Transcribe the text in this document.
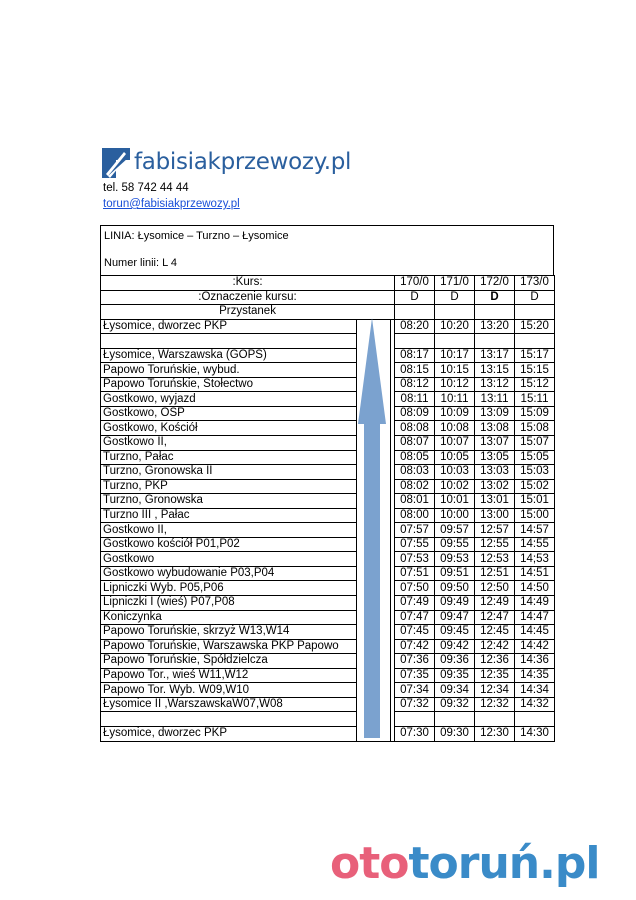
fabisiakprzewozy.pl
tel. 58 742 44 44
torun@fabisiakprzewozy.pl
LINIA: Łysomice – Turzno – Łysomice
Numer linii: L 4
:Kurs:			170/0	171/0	172/0	173/0
:Oznaczenie kursu:			D	D	D	D
Przystanek						
Łysomice, dworzec PKP			08:20	10:20	13:20	15:20

Łysomice, Warszawska (GOPS)			08:17	10:17	13:17	15:17
Papowo Toruńskie, wybud.			08:15	10:15	13:15	15:15
Papowo Toruńskie, Stołectwo			08:12	10:12	13:12	15:12
Gostkowo, wyjazd			08:11	10:11	13:11	15:11
Gostkowo, OSP			08:09	10:09	13:09	15:09
Gostkowo, Kościół			08:08	10:08	13:08	15:08
Gostkowo II,			08:07	10:07	13:07	15:07
Turzno, Pałac			08:05	10:05	13:05	15:05
Turzno, Gronowska II			08:03	10:03	13:03	15:03
Turzno, PKP			08:02	10:02	13:02	15:02
Turzno, Gronowska			08:01	10:01	13:01	15:01
Turzno III , Pałac			08:00	10:00	13:00	15:00
Gostkowo II,			07:57	09:57	12:57	14:57
Gostkowo kościół P01,P02			07:55	09:55	12:55	14:55
Gostkowo			07:53	09:53	12:53	14;53
Gostkowo wybudowanie P03,P04			07:51	09:51	12:51	14:51
Lipniczki Wyb. P05,P06			07:50	09:50	12:50	14:50
Lipniczki I (wieś) P07,P08			07:49	09:49	12:49	14:49
Koniczynka			07:47	09:47	12:47	14:47
Papowo Toruńskie, skrzyż W13,W14			07:45	09:45	12:45	14:45
Papowo Toruńskie, Warszawska PKP Papowo			07:42	09:42	12:42	14:42
Papowo Toruńskie, Spółdzielcza			07:36	09:36	12:36	14:36
Papowo Tor., wieś W11,W12			07:35	09:35	12:35	14:35
Papowo Tor. Wyb. W09,W10			07:34	09:34	12:34	14:34
Łysomice II ,WarszawskaW07,W08			07:32	09:32	12:32	14:32

Łysomice, dworzec PKP			07:30	09:30	12:30	14:30
ototoruń.pl
